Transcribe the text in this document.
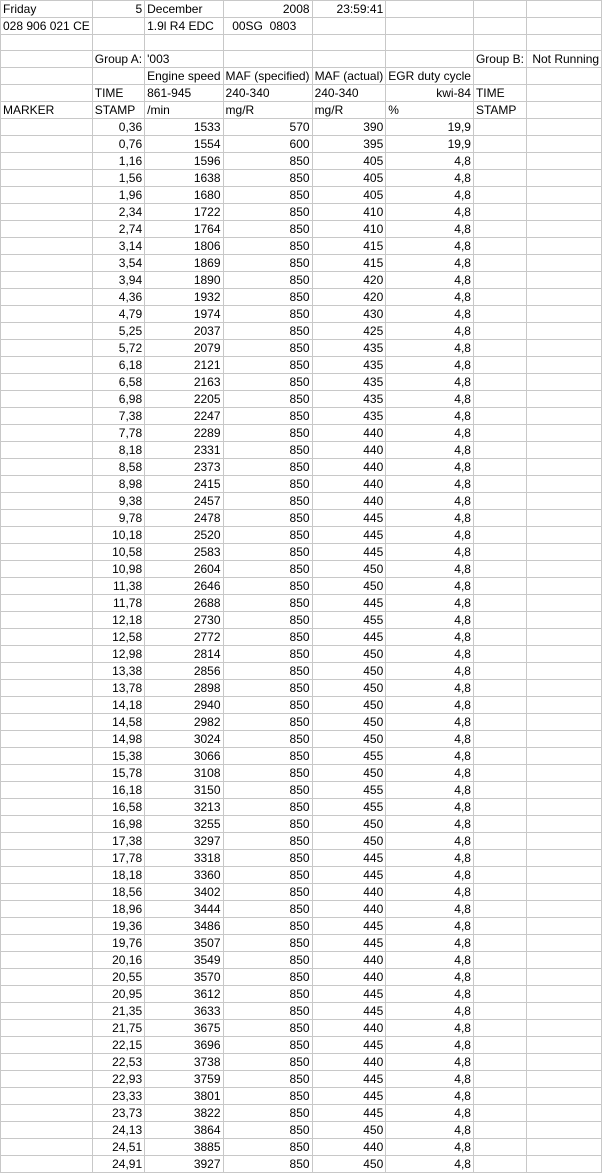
Friday	5	December	2008	23:59:41			
028 906 021 CE		1.9l R4 EDC	00SG 0803				

	Group A:	'003				Group B:	Not Running
		Engine speed	MAF (specified)	MAF (actual)	EGR duty cycle		
	TIME	861-945	240-340	240-340	kwi-84	TIME	
MARKER	STAMP	/min	mg/R	mg/R	%	STAMP	
	0,36	1533	570	390	19,9		
	0,76	1554	600	395	19,9		
	1,16	1596	850	405	4,8		
	1,56	1638	850	405	4,8		
	1,96	1680	850	405	4,8		
	2,34	1722	850	410	4,8		
	2,74	1764	850	410	4,8		
	3,14	1806	850	415	4,8		
	3,54	1869	850	415	4,8		
	3,94	1890	850	420	4,8		
	4,36	1932	850	420	4,8		
	4,79	1974	850	430	4,8		
	5,25	2037	850	425	4,8		
	5,72	2079	850	435	4,8		
	6,18	2121	850	435	4,8		
	6,58	2163	850	435	4,8		
	6,98	2205	850	435	4,8		
	7,38	2247	850	435	4,8		
	7,78	2289	850	440	4,8		
	8,18	2331	850	440	4,8		
	8,58	2373	850	440	4,8		
	8,98	2415	850	440	4,8		
	9,38	2457	850	440	4,8		
	9,78	2478	850	445	4,8		
	10,18	2520	850	445	4,8		
	10,58	2583	850	445	4,8		
	10,98	2604	850	450	4,8		
	11,38	2646	850	450	4,8		
	11,78	2688	850	445	4,8		
	12,18	2730	850	455	4,8		
	12,58	2772	850	445	4,8		
	12,98	2814	850	450	4,8		
	13,38	2856	850	450	4,8		
	13,78	2898	850	450	4,8		
	14,18	2940	850	450	4,8		
	14,58	2982	850	450	4,8		
	14,98	3024	850	450	4,8		
	15,38	3066	850	455	4,8		
	15,78	3108	850	450	4,8		
	16,18	3150	850	455	4,8		
	16,58	3213	850	455	4,8		
	16,98	3255	850	450	4,8		
	17,38	3297	850	450	4,8		
	17,78	3318	850	445	4,8		
	18,18	3360	850	445	4,8		
	18,56	3402	850	440	4,8		
	18,96	3444	850	440	4,8		
	19,36	3486	850	445	4,8		
	19,76	3507	850	445	4,8		
	20,16	3549	850	440	4,8		
	20,55	3570	850	440	4,8		
	20,95	3612	850	445	4,8		
	21,35	3633	850	445	4,8		
	21,75	3675	850	440	4,8		
	22,15	3696	850	445	4,8		
	22,53	3738	850	440	4,8		
	22,93	3759	850	445	4,8		
	23,33	3801	850	445	4,8		
	23,73	3822	850	445	4,8		
	24,13	3864	850	450	4,8		
	24,51	3885	850	440	4,8		
	24,91	3927	850	450	4,8		
